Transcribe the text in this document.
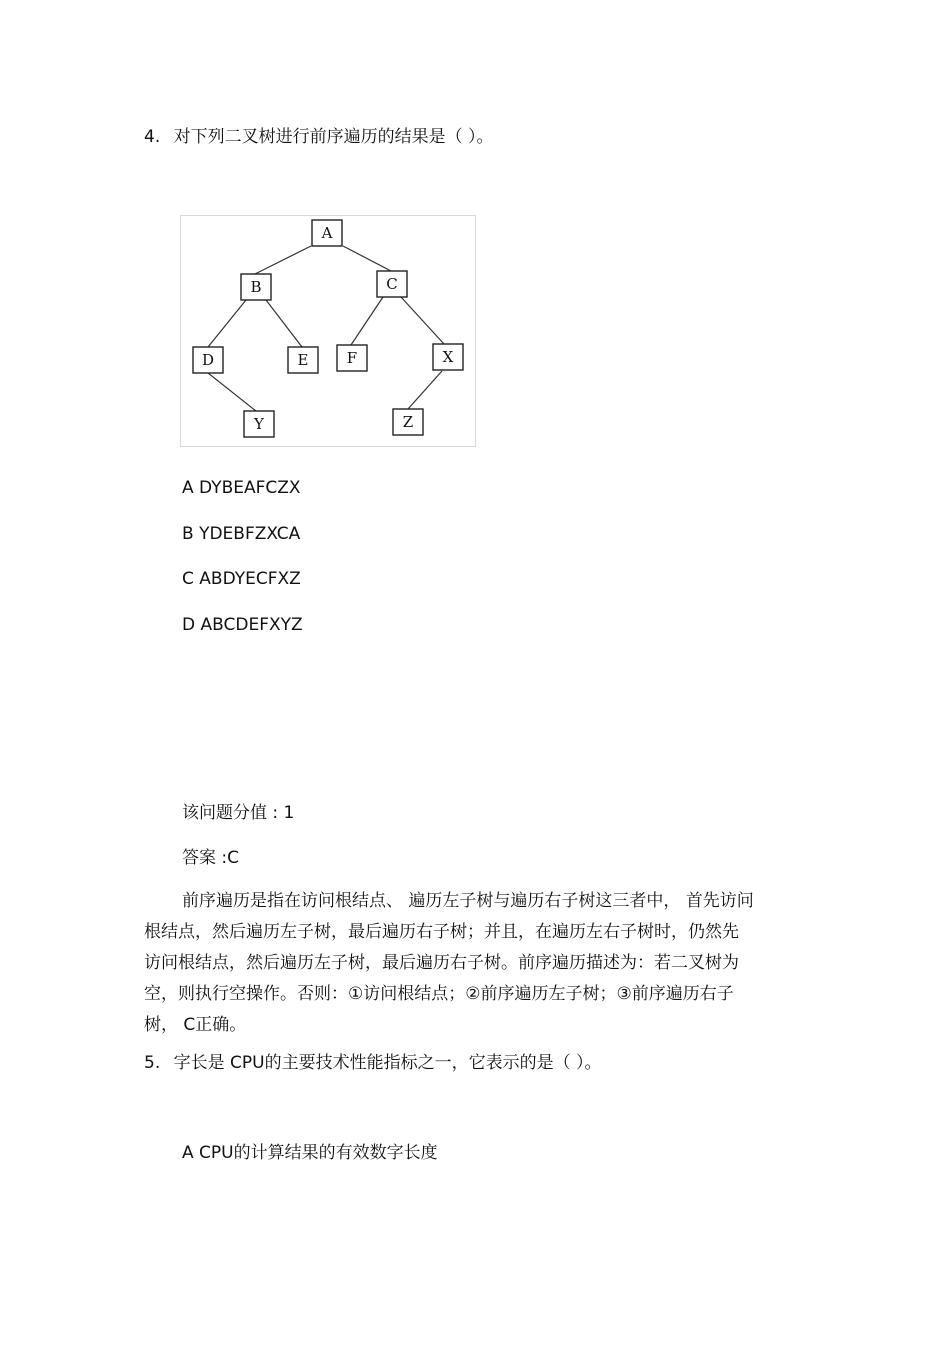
4. 对下列二叉树进行前序遍历的结果是（ ）。
A
B	C
D	E	F	X
Y	Z
A DYBEAFCZX
B YDEBFZXCA
C ABDYECFXZ
D ABCDEFXYZ
该问题分值 : 1
答案 :C
前序遍历是指在访问根结点、 遍历左子树与遍历右子树这三者中， 首先访问
根结点，然后遍历左子树，最后遍历右子树；并且，在遍历左右子树时，仍然先
访问根结点，然后遍历左子树，最后遍历右子树。前序遍历描述为：若二叉树为
空，则执行空操作。否则：①访问根结点；②前序遍历左子树；③前序遍历右子
树， C正确。
5. 字长是 CPU的主要技术性能指标之一，它表示的是（ ）。
A CPU的计算结果的有效数字长度
